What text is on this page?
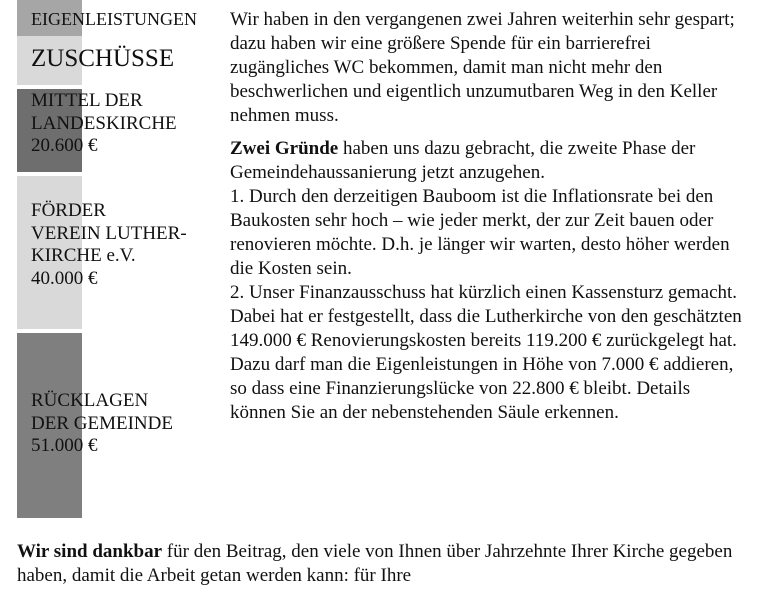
EIGENLEISTUNGEN
ZUSCHÜSSE
MITTEL DER
LANDESKIRCHE
20.600 €
FÖRDER
VEREIN LUTHER-
KIRCHE e.V.
40.000 €
RÜCKLAGEN
DER GEMEINDE
51.000 €

Wir haben in den vergangenen zwei Jahren weiterhin sehr gespart; dazu haben wir eine größere Spende für ein barrierefrei zugängliches WC bekommen, damit man nicht mehr den beschwerlichen und eigentlich unzumutbaren Weg in den Keller nehmen muss.

Zwei Gründe haben uns dazu gebracht, die zweite Phase der Gemeindehaussanierung jetzt anzugehen.

1. Durch den derzeitigen Bauboom ist die Inflationsrate bei den Baukosten sehr hoch – wie jeder merkt, der zur Zeit bauen oder renovieren möchte. D.h. je länger wir warten, desto höher werden die Kosten sein.

2. Unser Finanzausschuss hat kürzlich einen Kassensturz gemacht. Dabei hat er festgestellt, dass die Lutherkirche von den geschätzten 149.000 € Renovierungskosten bereits 119.200 € zurückgelegt hat. Dazu darf man die Eigenleistungen in Höhe von 7.000 € addieren, so dass eine Finanzierungslücke von 22.800 € bleibt. Details können Sie an der nebenstehenden Säule erkennen.

Wir sind dankbar für den Beitrag, den viele von Ihnen über Jahrzehnte Ihrer Kirche gegeben haben, damit die Arbeit getan werden kann: für Ihre
